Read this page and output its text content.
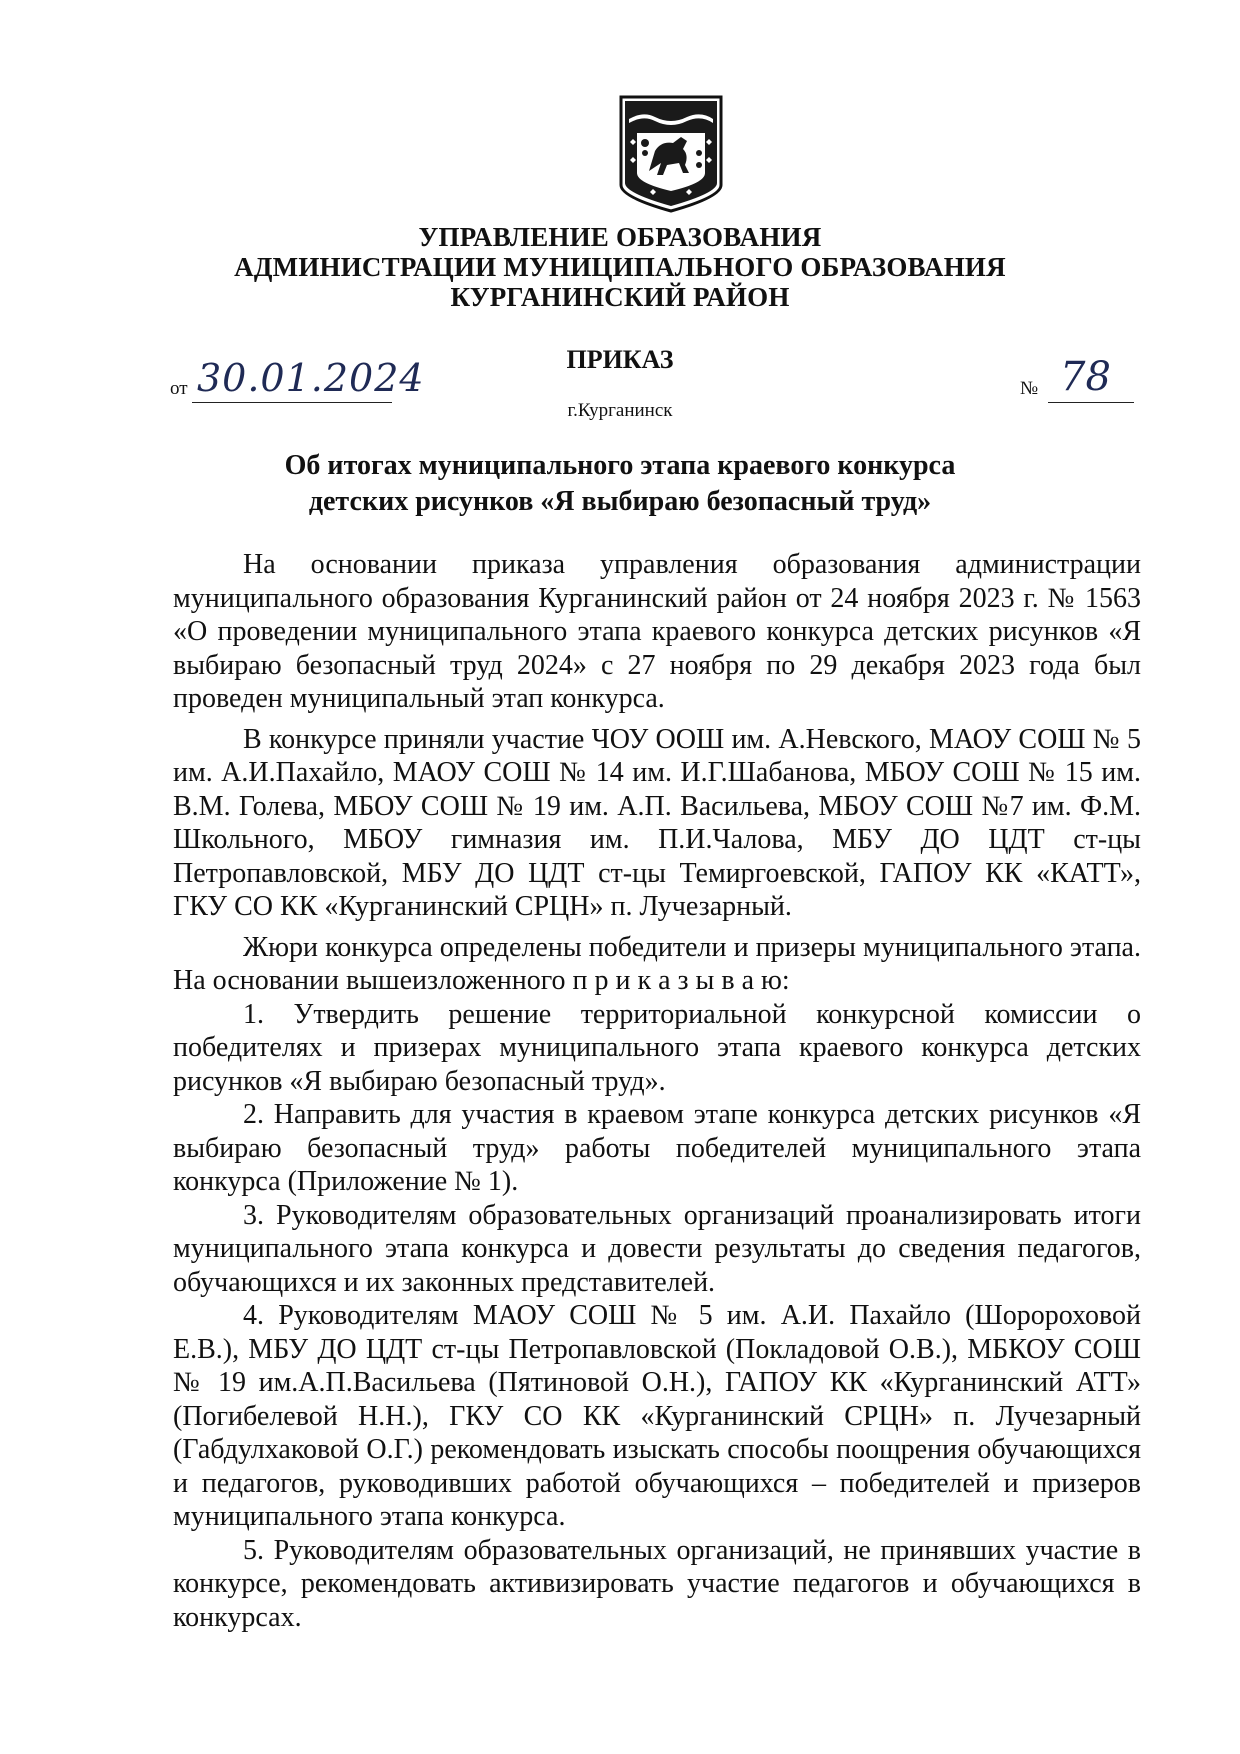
УПРАВЛЕНИЕ ОБРАЗОВАНИЯ
АДМИНИСТРАЦИИ МУНИЦИПАЛЬНОГО ОБРАЗОВАНИЯ
КУРГАНИНСКИЙ РАЙОН
ПРИКАЗ
от 30.01.2024	№ 78
г.Курганинск
Об итогах муниципального этапа краевого конкурса
детских рисунков «Я выбираю безопасный труд»

На основании приказа управления образования администрации муниципального образования Курганинский район от 24 ноября 2023 г. № 1563 «О проведении муниципального этапа краевого конкурса детских рисунков «Я выбираю безопасный труд 2024» с 27 ноября по 29 декабря 2023 года был проведен муниципальный этап конкурса.

В конкурсе приняли участие ЧОУ ООШ им. А.Невского, МАОУ СОШ № 5 им. А.И.Пахайло, МАОУ СОШ № 14 им. И.Г.Шабанова, МБОУ СОШ № 15 им. В.М. Голева, МБОУ СОШ № 19 им. А.П. Васильева, МБОУ СОШ №7 им. Ф.М. Школьного, МБОУ гимназия им. П.И.Чалова, МБУ ДО ЦДТ ст-цы Петропавловской, МБУ ДО ЦДТ ст-цы Темиргоевской, ГАПОУ КК «КАТТ», ГКУ СО КК «Курганинский СРЦН» п. Лучезарный.

Жюри конкурса определены победители и призеры муниципального этапа. На основании вышеизложенного п р и к а з ы в а ю:

1. Утвердить решение территориальной конкурсной комиссии о победителях и призерах муниципального этапа краевого конкурса детских рисунков «Я выбираю безопасный труд».

2. Направить для участия в краевом этапе конкурса детских рисунков «Я выбираю безопасный труд» работы победителей муниципального этапа конкурса (Приложение № 1).

3. Руководителям образовательных организаций проанализировать итоги муниципального этапа конкурса и довести результаты до сведения педагогов, обучающихся и их законных представителей.

4. Руководителям МАОУ СОШ № 5 им. А.И. Пахайло (Шоророховой Е.В.), МБУ ДО ЦДТ ст-цы Петропавловской (Покладовой О.В.), МБКОУ СОШ № 19 им.А.П.Васильева (Пятиновой О.Н.), ГАПОУ КК «Курганинский АТТ» (Погибелевой Н.Н.), ГКУ СО КК «Курганинский СРЦН» п. Лучезарный (Габдулхаковой О.Г.) рекомендовать изыскать способы поощрения обучающихся и педагогов, руководивших работой обучающихся – победителей и призеров муниципального этапа конкурса.

5. Руководителям образовательных организаций, не принявших участие в конкурсе, рекомендовать активизировать участие педагогов и обучающихся в конкурсах.
